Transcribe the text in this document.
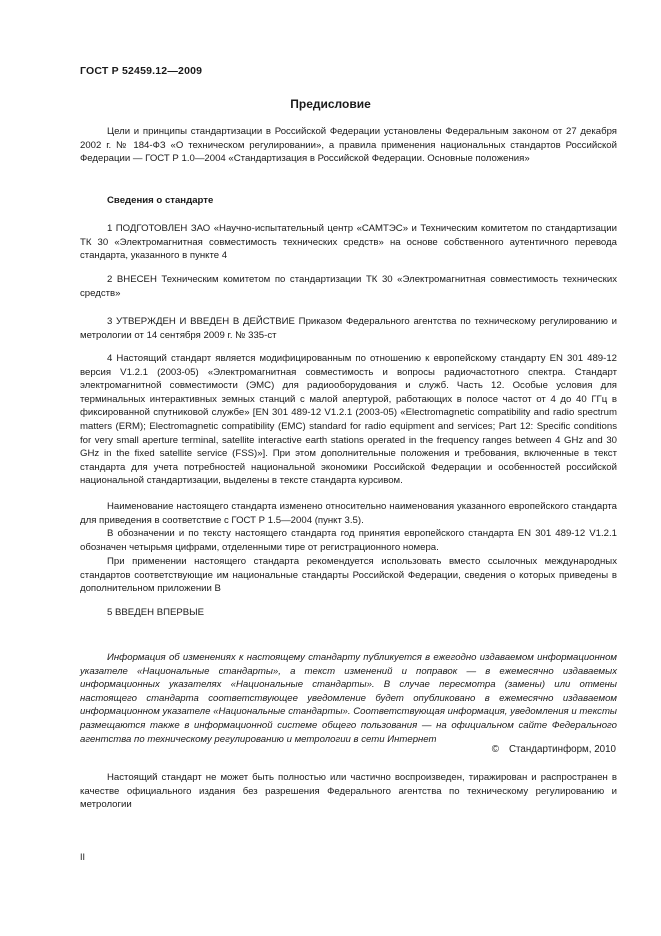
ГОСТ Р 52459.12—2009
Предисловие

Цели и принципы стандартизации в Российской Федерации установлены Федеральным законом от 27 декабря 2002 г. № 184-ФЗ «О техническом регулировании», а правила применения национальных стандартов Российской Федерации — ГОСТ Р 1.0—2004 «Стандартизация в Российской Федерации. Основные положения»

Сведения о стандарте

1 ПОДГОТОВЛЕН ЗАО «Научно-испытательный центр «САМТЭС» и Техническим комитетом по стандартизации ТК 30 «Электромагнитная совместимость технических средств» на основе собственного аутентичного перевода стандарта, указанного в пункте 4

2 ВНЕСЕН Техническим комитетом по стандартизации ТК 30 «Электромагнитная совместимость технических средств»

3 УТВЕРЖДЕН И ВВЕДЕН В ДЕЙСТВИЕ Приказом Федерального агентства по техническому регулированию и метрологии от 14 сентября 2009 г. № 335-ст

4 Настоящий стандарт является модифицированным по отношению к европейскому стандарту EN 301 489-12 версия V1.2.1 (2003-05) «Электромагнитная совместимость и вопросы радиочастотного спектра. Стандарт электромагнитной совместимости (ЭМС) для радиооборудования и служб. Часть 12. Особые условия для терминальных интерактивных земных станций с малой апертурой, работающих в полосе частот от 4 до 40 ГГц в фиксированной спутниковой службе» [EN 301 489-12 V1.2.1 (2003-05) «Electromagnetic compatibility and radio spectrum matters (ERM); Electromagnetic compatibility (EMC) standard for radio equipment and services; Part 12: Specific conditions for very small aperture terminal, satellite interactive earth stations operated in the frequency ranges between 4 GHz and 30 GHz in the fixed satellite service (FSS)»]. При этом дополнительные положения и требования, включенные в текст стандарта для учета потребностей национальной экономики Российской Федерации и особенностей российской национальной стандартизации, выделены в тексте стандарта курсивом.

Наименование настоящего стандарта изменено относительно наименования указанного европейского стандарта для приведения в соответствие с ГОСТ Р 1.5—2004 (пункт 3.5).

В обозначении и по тексту настоящего стандарта год принятия европейского стандарта EN 301 489-12 V1.2.1 обозначен четырьмя цифрами, отделенными тире от регистрационного номера.

При применении настоящего стандарта рекомендуется использовать вместо ссылочных международных стандартов соответствующие им национальные стандарты Российской Федерации, сведения о которых приведены в дополнительном приложении В

5 ВВЕДЕН ВПЕРВЫЕ

Информация об изменениях к настоящему стандарту публикуется в ежегодно издаваемом информационном указателе «Национальные стандарты», а текст изменений и поправок — в ежемесячно издаваемых информационных указателях «Национальные стандарты». В случае пересмотра (замены) или отмены настоящего стандарта соответствующее уведомление будет опубликовано в ежемесячно издаваемом информационном указателе «Национальные стандарты». Соответствующая информация, уведомления и тексты размещаются также в информационной системе общего пользования — на официальном сайте Федерального агентства по техническому регулированию и метрологии в сети Интернет

© Стандартинформ, 2010

Настоящий стандарт не может быть полностью или частично воспроизведен, тиражирован и распространен в качестве официального издания без разрешения Федерального агентства по техническому регулированию и метрологии

II
